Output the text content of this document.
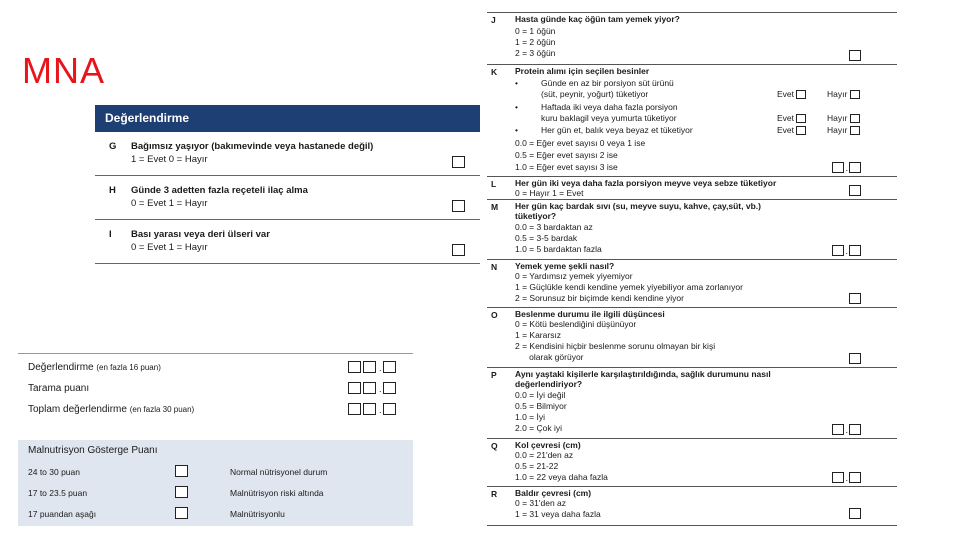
MNA
Değerlendirme
G Bağımsız yaşıyor (bakımevinde veya hastanede değil)
1 = Evet 0 = Hayır
H Günde 3 adetten fazla reçeteli ilaç alma
0 = Evet 1 = Hayır
I Bası yarası veya deri ülseri var
0 = Evet 1 = Hayır
Değerlendirme (en fazla 16 puan)	.
Tarama puanı	.
Toplam değerlendirme (en fazla 30 puan)	.
Malnutrisyon Gösterge Puanı
24 to 30 puan	Normal nütrisyonel durum
17 to 23.5 puan	Malnütrisyon riski altında
17 puandan aşağı	Malnütrisyonlu
J Hasta günde kaç öğün tam yemek yiyor?
0 = 1 öğün
1 = 2 öğün
2 = 3 öğün
K Protein alımı için seçilen besinler
•	Günde en az bir porsiyon süt ürünü
(süt, peynir, yoğurt) tüketiyor	Evet	Hayır
•	Haftada iki veya daha fazla porsiyon
kuru baklagil veya yumurta tüketiyor	Evet	Hayır
•	Her gün et, balık veya beyaz et tüketiyor	Evet	Hayır
0.0 = Eğer evet sayısı 0 veya 1 ise
0.5 = Eğer evet sayısı 2 ise
1.0 = Eğer evet sayısı 3 ise	.
L Her gün iki veya daha fazla porsiyon meyve veya sebze tüketiyor
0 = Hayır 1 = Evet
M Her gün kaç bardak sıvı (su, meyve suyu, kahve, çay,süt, vb.)
tüketiyor?
0.0 = 3 bardaktan az
0.5 = 3-5 bardak
1.0 = 5 bardaktan fazla	.
N Yemek yeme şekli nasıl?
0 = Yardımsız yemek yiyemiyor
1 = Güçlükle kendi kendine yemek yiyebiliyor ama zorlanıyor
2 = Sorunsuz bir biçimde kendi kendine yiyor
O Beslenme durumu ile ilgili düşüncesi
0 = Kötü beslendiğini düşünüyor
1 = Kararsız
2 = Kendisini hiçbir beslenme sorunu olmayan bir kişi
olarak görüyor
P Aynı yaştaki kişilerle karşılaştırıldığında, sağlık durumunu nasıl
değerlendiriyor?
0.0 = İyi değil
0.5 = Bilmiyor
1.0 = İyi
2.0 = Çok iyi	.
Q Kol çevresi (cm)
0.0 = 21'den az
0.5 = 21-22
1.0 = 22 veya daha fazla	.
R Baldır çevresi (cm)
0 = 31'den az
1 = 31 veya daha fazla
